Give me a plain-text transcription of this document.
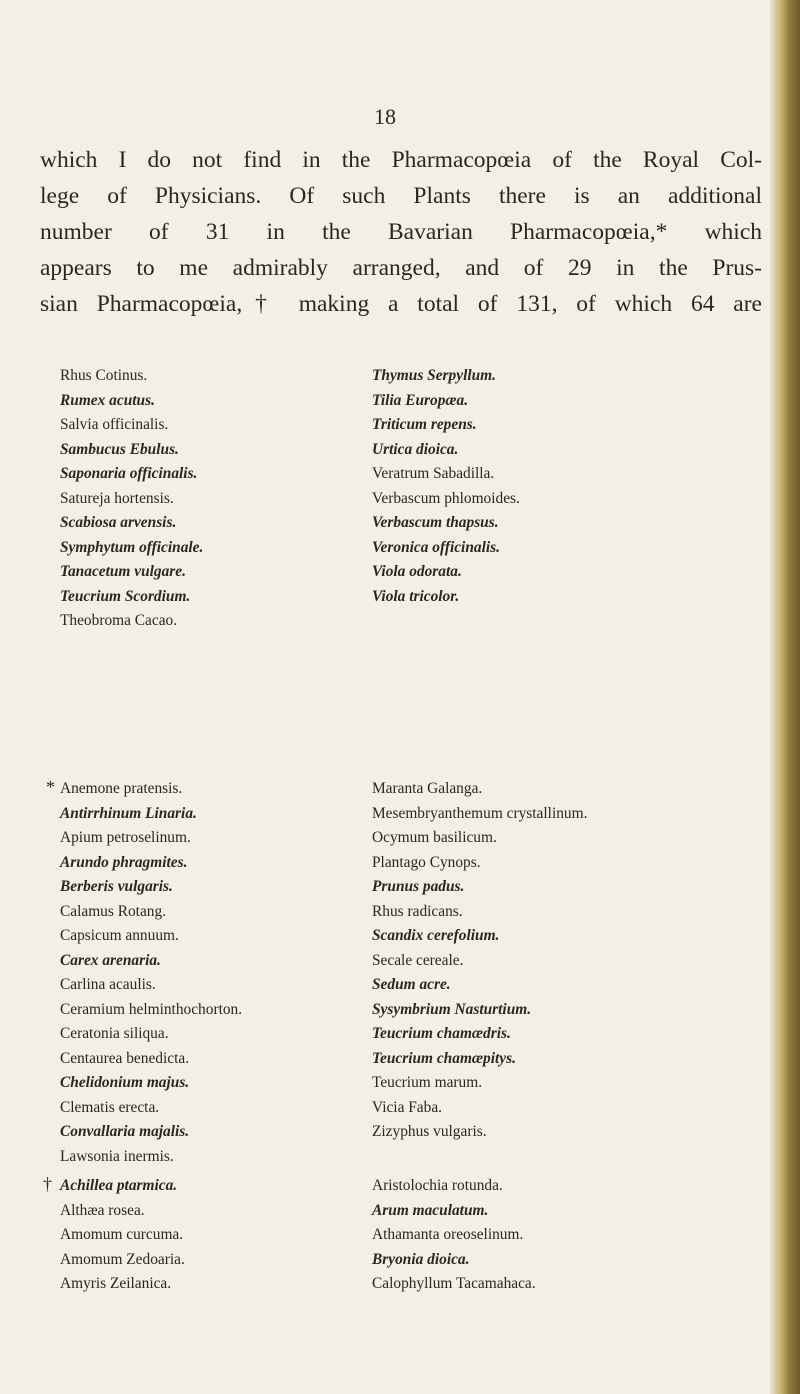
18
which I do not find in the Pharmacopœia of the Royal Col-
lege of Physicians. Of such Plants there is an additional
number of 31 in the Bavarian Pharmacopœia,* which
appears to me admirably arranged, and of 29 in the Prus-
sian Pharmacopœia,† making a total of 131, of which 64 are
Rhus Cotinus.
Rumex acutus.
Salvia officinalis.
Sambucus Ebulus.
Saponaria officinalis.
Satureja hortensis.
Scabiosa arvensis.
Symphytum officinale.
Tanacetum vulgare.
Teucrium Scordium.
Theobroma Cacao.
Thymus Serpyllum.
Tilia Europæa.
Triticum repens.
Urtica dioica.
Veratrum Sabadilla.
Verbascum phlomoides.
Verbascum thapsus.
Veronica officinalis.
Viola odorata.
Viola tricolor.
* Anemone pratensis.
Antirrhinum Linaria.
Apium petroselinum.
Arundo phragmites.
Berberis vulgaris.
Calamus Rotang.
Capsicum annuum.
Carex arenaria.
Carlina acaulis.
Ceramium helminthochorton.
Ceratonia siliqua.
Centaurea benedicta.
Chelidonium majus.
Clematis erecta.
Convallaria majalis.
Lawsonia inermis.
Maranta Galanga.
Mesembryanthemum crystallinum.
Ocymum basilicum.
Plantago Cynops.
Prunus padus.
Rhus radicans.
Scandix cerefolium.
Secale cereale.
Sedum acre.
Sysymbrium Nasturtium.
Teucrium chamædris.
Teucrium chamæpitys.
Teucrium marum.
Vicia Faba.
Zizyphus vulgaris.
† Achillea ptarmica.
Althæa rosea.
Amomum curcuma.
Amomum Zedoaria.
Amyris Zeilanica.
Aristolochia rotunda.
Arum maculatum.
Athamanta oreoselinum.
Bryonia dioica.
Calophyllum Tacamahaca.
